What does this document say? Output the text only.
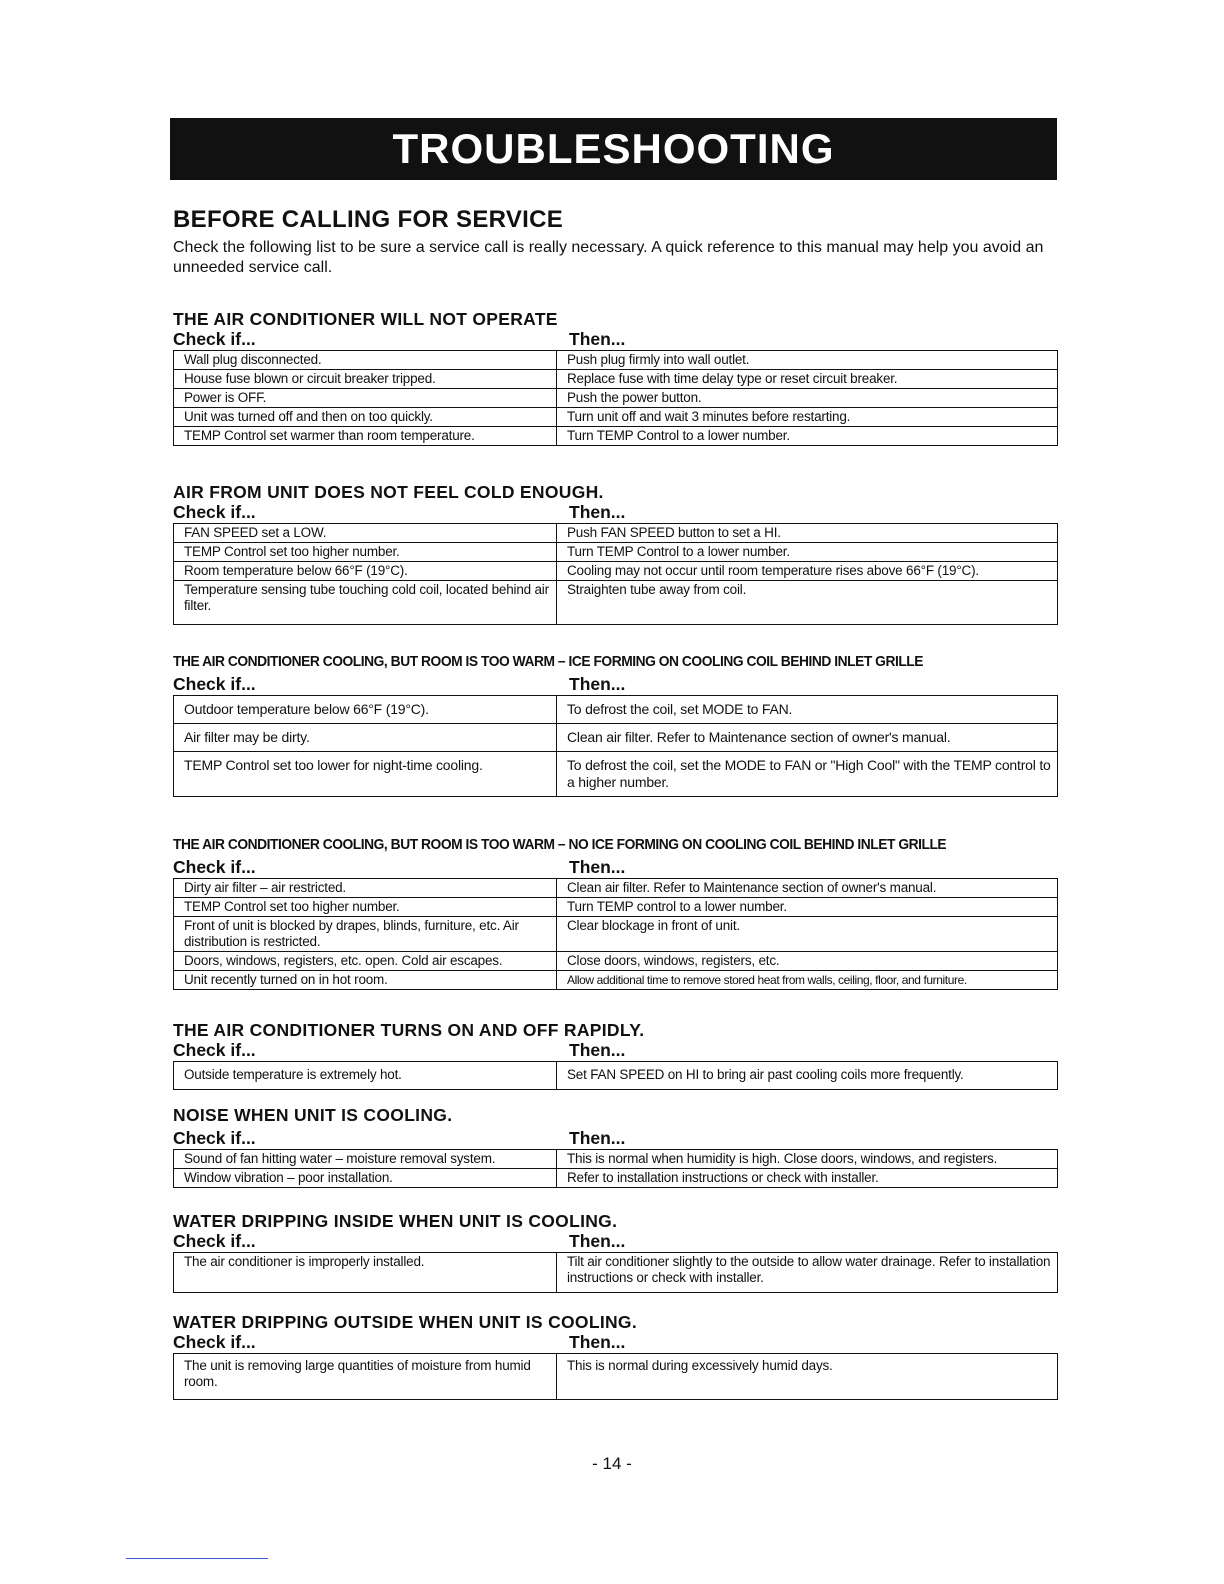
TROUBLESHOOTING
BEFORE CALLING FOR SERVICE
Check the following list to be sure a service call is really necessary. A quick reference to this manual may help you avoid an unneeded service call.
THE AIR CONDITIONER WILL NOT OPERATE
Check if...	Then...
Wall plug disconnected.	Push plug firmly into wall outlet.
House fuse blown or circuit breaker tripped.	Replace fuse with time delay type or reset circuit breaker.
Power is OFF.	Push the power button.
Unit was turned off and then on too quickly.	Turn unit off and wait 3 minutes before restarting.
TEMP Control set warmer than room temperature.	Turn TEMP Control to a lower number.
AIR FROM UNIT DOES NOT FEEL COLD ENOUGH.
Check if...	Then...
FAN SPEED set a LOW.	Push FAN SPEED button to set a HI.
TEMP Control set too higher number.	Turn TEMP Control to a lower number.
Room temperature below 66°F (19°C).	Cooling may not occur until room temperature rises above 66°F (19°C).
Temperature sensing tube touching cold coil, located behind air filter.	Straighten tube away from coil.
THE AIR CONDITIONER COOLING, BUT ROOM IS TOO WARM – ICE FORMING ON COOLING COIL BEHIND INLET GRILLE
Check if...	Then...
Outdoor temperature below 66°F (19°C).	To defrost the coil, set MODE to FAN.
Air filter may be dirty.	Clean air filter. Refer to Maintenance section of owner's manual.
TEMP Control set too lower for night-time cooling.	To defrost the coil, set the MODE to FAN or "High Cool" with the TEMP control to a higher number.
THE AIR CONDITIONER COOLING, BUT ROOM IS TOO WARM – NO ICE FORMING ON COOLING COIL BEHIND INLET GRILLE
Check if...	Then...
Dirty air filter – air restricted.	Clean air filter. Refer to Maintenance section of owner's manual.
TEMP Control set too higher number.	Turn TEMP control to a lower number.
Front of unit is blocked by drapes, blinds, furniture, etc. Air distribution is restricted.	Clear blockage in front of unit.
Doors, windows, registers, etc. open. Cold air escapes.	Close doors, windows, registers, etc.
Unit recently turned on in hot room.	Allow additional time to remove stored heat from walls, ceiling, floor, and furniture.
THE AIR CONDITIONER TURNS ON AND OFF RAPIDLY.
Check if...	Then...
Outside temperature is extremely hot.	Set FAN SPEED on HI to bring air past cooling coils more frequently.
NOISE WHEN UNIT IS COOLING.
Check if...	Then...
Sound of fan hitting water – moisture removal system.	This is normal when humidity is high. Close doors, windows, and registers.
Window vibration – poor installation.	Refer to installation instructions or check with installer.
WATER DRIPPING INSIDE WHEN UNIT IS COOLING.
Check if...	Then...
The air conditioner is improperly installed.	Tilt air conditioner slightly to the outside to allow water drainage. Refer to installation instructions or check with installer.
WATER DRIPPING OUTSIDE WHEN UNIT IS COOLING.
Check if...	Then...
The unit is removing large quantities of moisture from humid room.	This is normal during excessively humid days.
- 14 -
